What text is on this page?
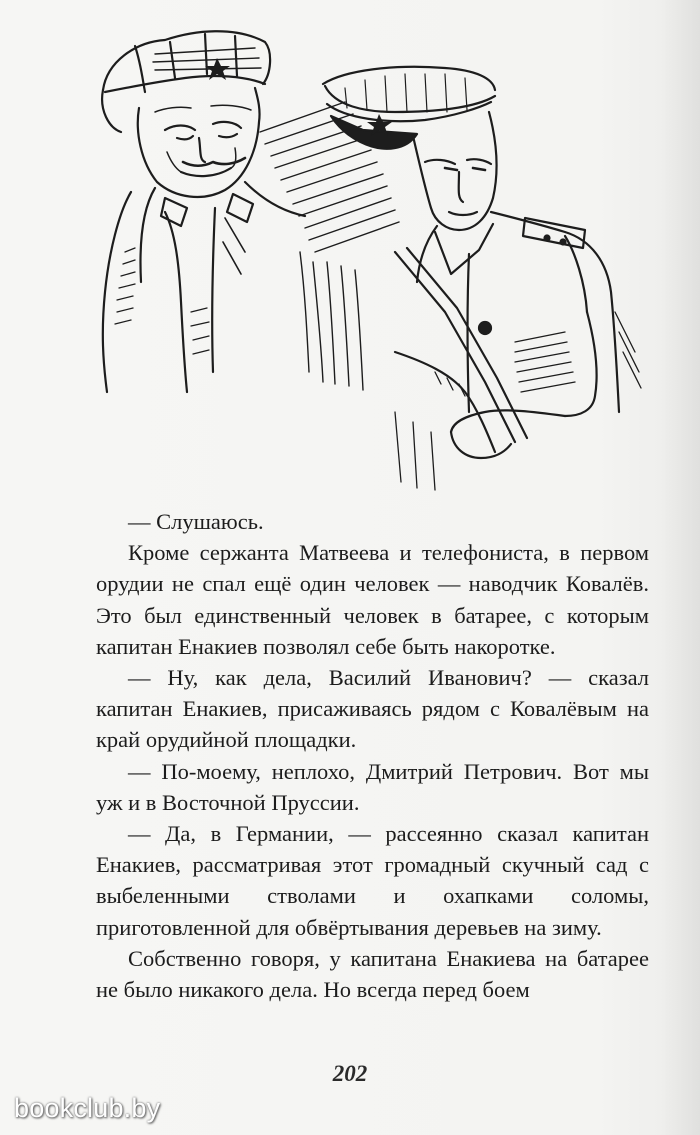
— Слушаюсь.

Кроме сержанта Матвеева и телефониста, в первом орудии не спал ещё один человек — наводчик Ковалёв. Это был единственный человек в батарее, с которым капитан Енакиев позволял себе быть накоротке.

— Ну, как дела, Василий Иванович? — сказал капитан Енакиев, присаживаясь рядом с Ковалёвым на край орудийной площадки.

— По-моему, неплохо, Дмитрий Петрович. Вот мы уж и в Восточной Пруссии.

— Да, в Германии, — рассеянно сказал капитан Енакиев, рассматривая этот громадный скучный сад с выбеленными стволами и охапками соломы, приготовленной для обвёртывания деревьев на зиму.

Собственно говоря, у капитана Енакиева на батарее не было никакого дела. Но всегда перед боем

202
bookclub.by
